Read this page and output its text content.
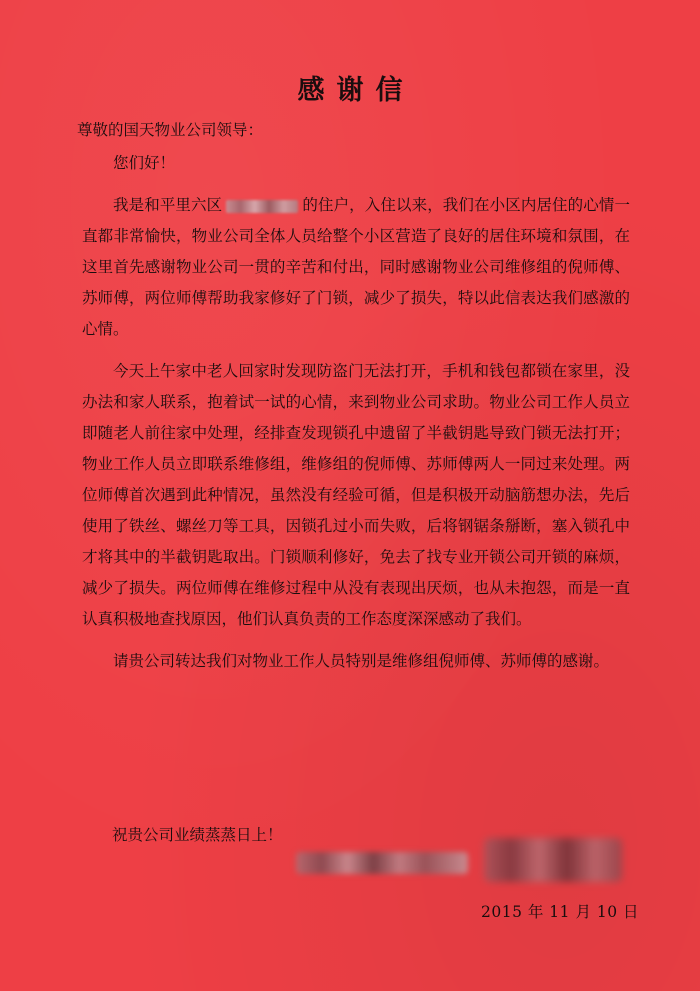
感谢信
尊敬的国天物业公司领导：

您们好！

我是和平里六区	的住户，入住以来，我们在小区内居住的心情一直都非常愉快，物业公司全体人员给整个小区营造了良好的居住环境和氛围，在这里首先感谢物业公司一贯的辛苦和付出，同时感谢物业公司维修组的倪师傅、苏师傅，两位师傅帮助我家修好了门锁，减少了损失，特以此信表达我们感激的心情。

今天上午家中老人回家时发现防盗门无法打开，手机和钱包都锁在家里，没办法和家人联系，抱着试一试的心情，来到物业公司求助。物业公司工作人员立即随老人前往家中处理，经排查发现锁孔中遗留了半截钥匙导致门锁无法打开；物业工作人员立即联系维修组，维修组的倪师傅、苏师傅两人一同过来处理。两位师傅首次遇到此种情况，虽然没有经验可循，但是积极开动脑筋想办法，先后使用了铁丝、螺丝刀等工具，因锁孔过小而失败，后将钢锯条掰断，塞入锁孔中才将其中的半截钥匙取出。门锁顺利修好，免去了找专业开锁公司开锁的麻烦，减少了损失。两位师傅在维修过程中从没有表现出厌烦，也从未抱怨，而是一直认真积极地查找原因，他们认真负责的工作态度深深感动了我们。

请贵公司转达我们对物业工作人员特别是维修组倪师傅、苏师傅的感谢。

祝贵公司业绩蒸蒸日上！
2015 年 11 月 10 日
